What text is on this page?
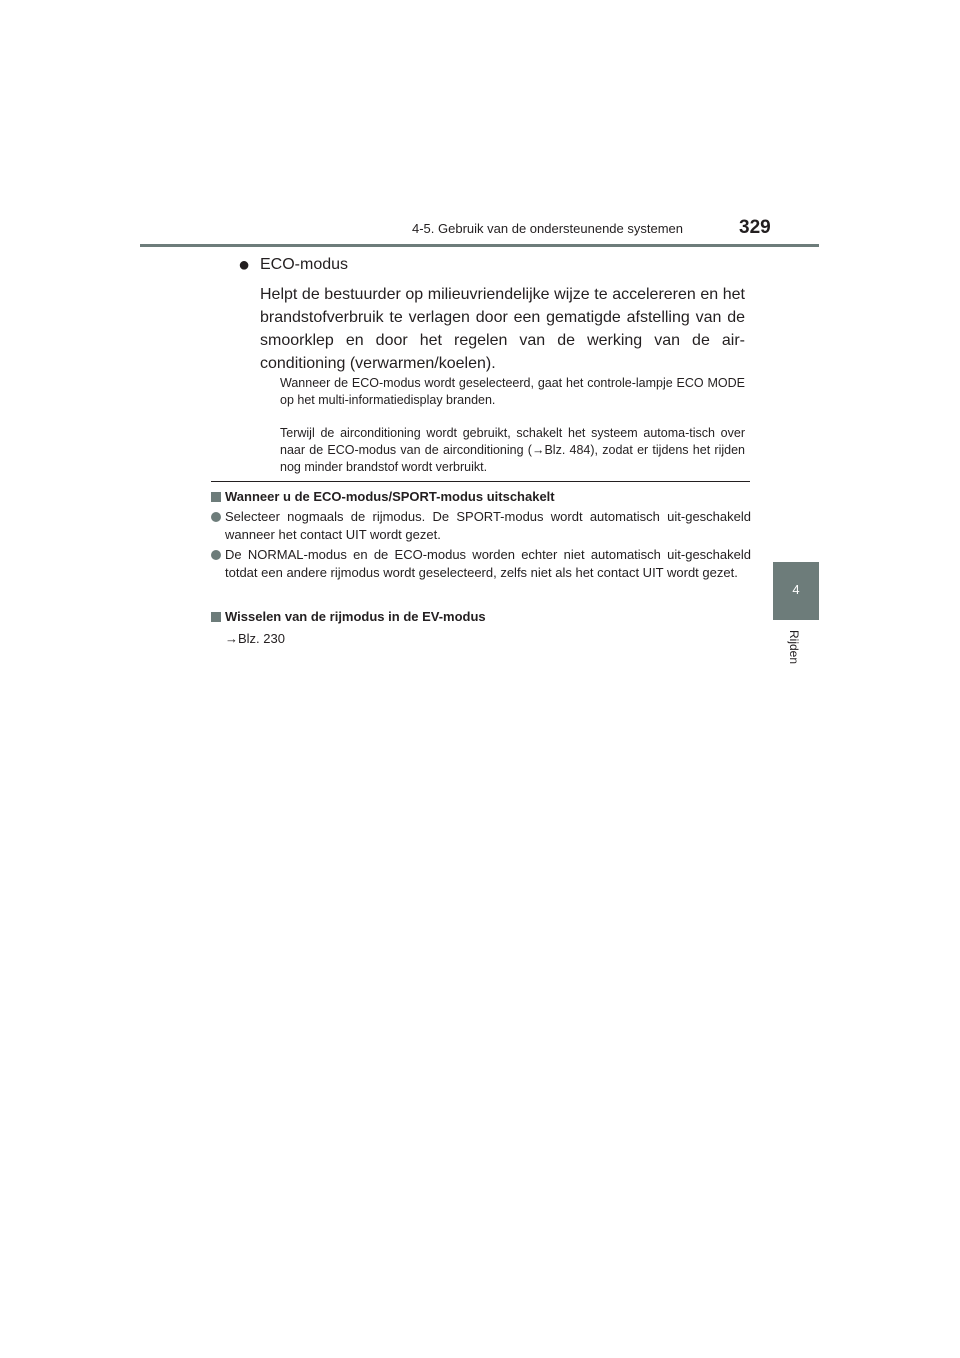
4-5. Gebruik van de ondersteunende systemen	329
4
Rijden
● ECO-modus
Helpt de bestuurder op milieuvriendelijke wijze te accelereren en het brandstofverbruik te verlagen door een gematigde afstelling van de smoorklep en door het regelen van de werking van de air-conditioning (verwarmen/koelen).
Wanneer de ECO-modus wordt geselecteerd, gaat het controle-lampje ECO MODE op het multi-informatiedisplay branden.
Terwijl de airconditioning wordt gebruikt, schakelt het systeem automa-tisch over naar de ECO-modus van de airconditioning (→Blz. 484), zodat er tijdens het rijden nog minder brandstof wordt verbruikt.
Wanneer u de ECO-modus/SPORT-modus uitschakelt
Selecteer nogmaals de rijmodus. De SPORT-modus wordt automatisch uit-geschakeld wanneer het contact UIT wordt gezet.
De NORMAL-modus en de ECO-modus worden echter niet automatisch uit-geschakeld totdat een andere rijmodus wordt geselecteerd, zelfs niet als het contact UIT wordt gezet.
Wisselen van de rijmodus in de EV-modus
→Blz. 230
